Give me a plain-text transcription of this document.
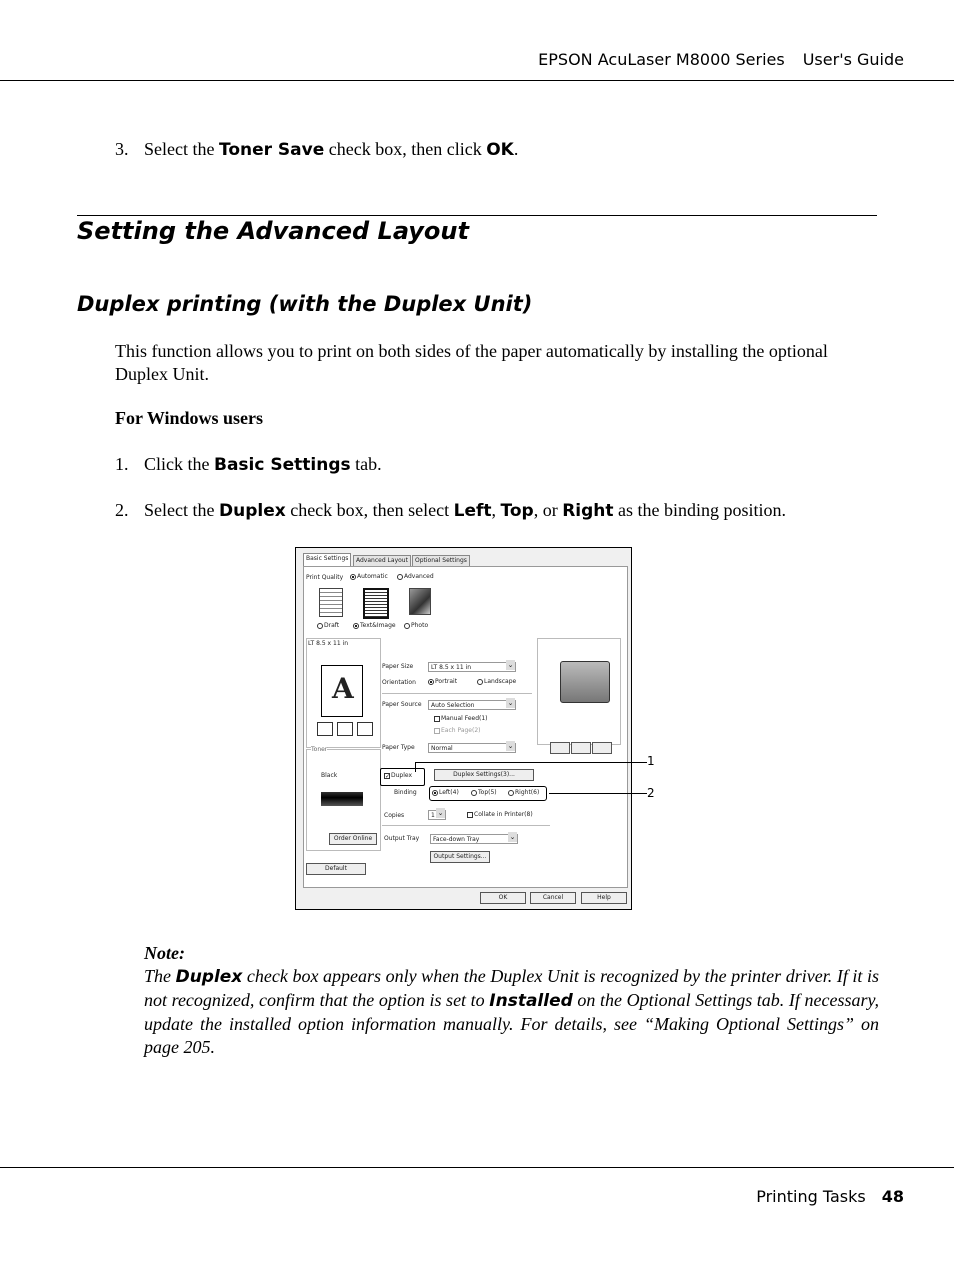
EPSON AcuLaser M8000 Series User's Guide
3. Select the Toner Save check box, then click OK.
Setting the Advanced Layout
Duplex printing (with the Duplex Unit)
This function allows you to print on both sides of the paper automatically by installing the optional
Duplex Unit.
For Windows users
1. Click the Basic Settings tab.
2. Select the Duplex check box, then select Left, Top, or Right as the binding position.
Basic Settings	Advanced Layout	Optional Settings
Print Quality	Automatic	Advanced
Draft	Text&Image	Photo
LT 8.5 x 11 in
A
Paper Size	LT 8.5 x 11 in ⌄
Orientation	Portrait	Landscape
Paper Source	Auto Selection ⌄
Manual Feed(1)
Each Page(2)
Paper Type	Normal ⌄
Toner
Black
Order Online
✓Duplex	Duplex Settings(3)...
Binding	Left(4)	Top(5)	Right(6)
Copies	1 ⌄	Collate in Printer(8)
Output Tray	Face-down Tray ⌄
Output Settings...
Default
OK	Cancel	Help
1
2
Note:
The Duplex check box appears only when the Duplex Unit is recognized by the printer driver. If it is not recognized, confirm that the option is set to Installed on the Optional Settings tab. If necessary, update the installed option information manually. For details, see “Making Optional Settings” on page 205.
Printing Tasks 48
